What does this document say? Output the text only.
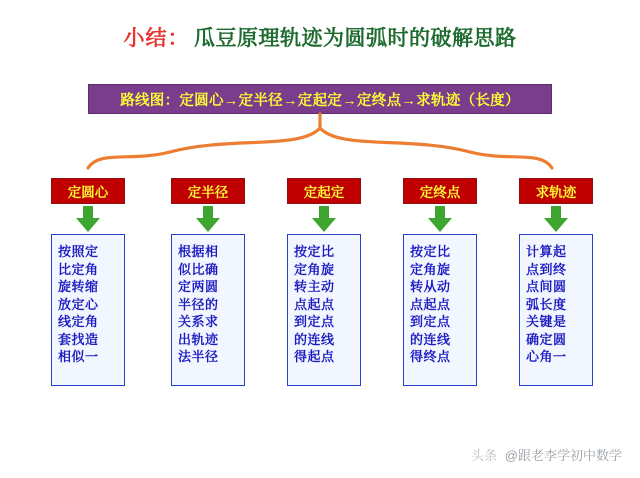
小结： 瓜豆原理轨迹为圆弧时的破解思路
路线图：定圆心→定半径→定起定→定终点→求轨迹（长度）
定圆心
按照定
比定角
旋转缩
放定心
线定角
套找造
相似一
定半径
根据相
似比确
定两圆
半径的
关系求
出轨迹
法半径
定起定
按定比
定角旋
转主动
点起点
到定点
的连线
得起点
定终点
按定比
定角旋
转从动
点起点
到定点
的连线
得终点
求轨迹
计算起
点到终
点间圆
弧长度
关键是
确定圆
心角一
头条 @跟老李学初中数学
